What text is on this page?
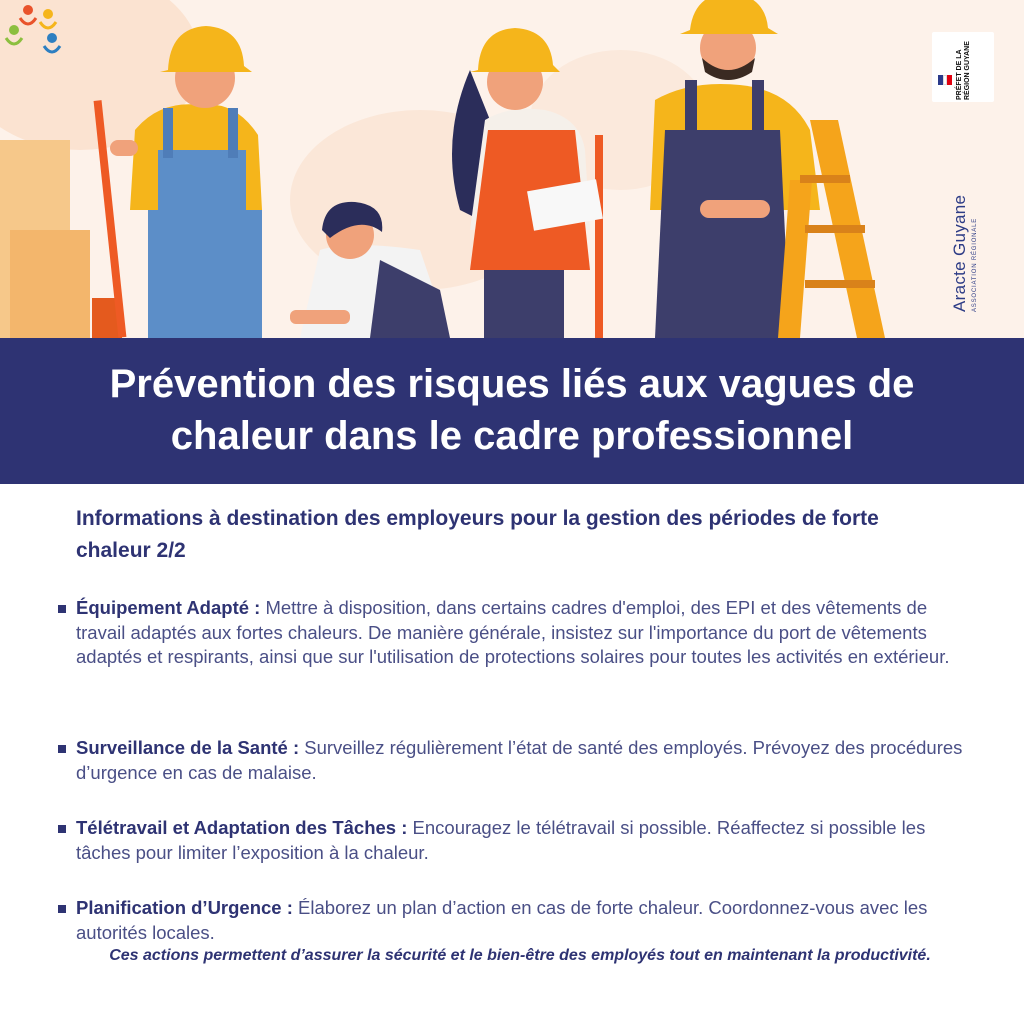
PRÉFET DE LA RÉGION GUYANE
Aracte Guyane ASSOCIATION RÉGIONALE
Prévention des risques liés aux vagues de chaleur dans le cadre professionnel

Informations à destination des employeurs pour la gestion des périodes de forte chaleur 2/2

Équipement Adapté : Mettre à disposition, dans certains cadres d'emploi, des EPI et des vêtements de travail adaptés aux fortes chaleurs. De manière générale, insistez sur l'importance du port de vêtements adaptés et respirants, ainsi que sur l'utilisation de protections solaires pour toutes les activités en extérieur.
Surveillance de la Santé : Surveillez régulièrement l’état de santé des employés. Prévoyez des procédures d’urgence en cas de malaise.
Télétravail et Adaptation des Tâches : Encouragez le télétravail si possible. Réaffectez si possible les tâches pour limiter l’exposition à la chaleur.
Planification d’Urgence : Élaborez un plan d’action en cas de forte chaleur. Coordonnez-vous avec les autorités locales.
Ces actions permettent d’assurer la sécurité et le bien-être des employés tout en maintenant la productivité.
